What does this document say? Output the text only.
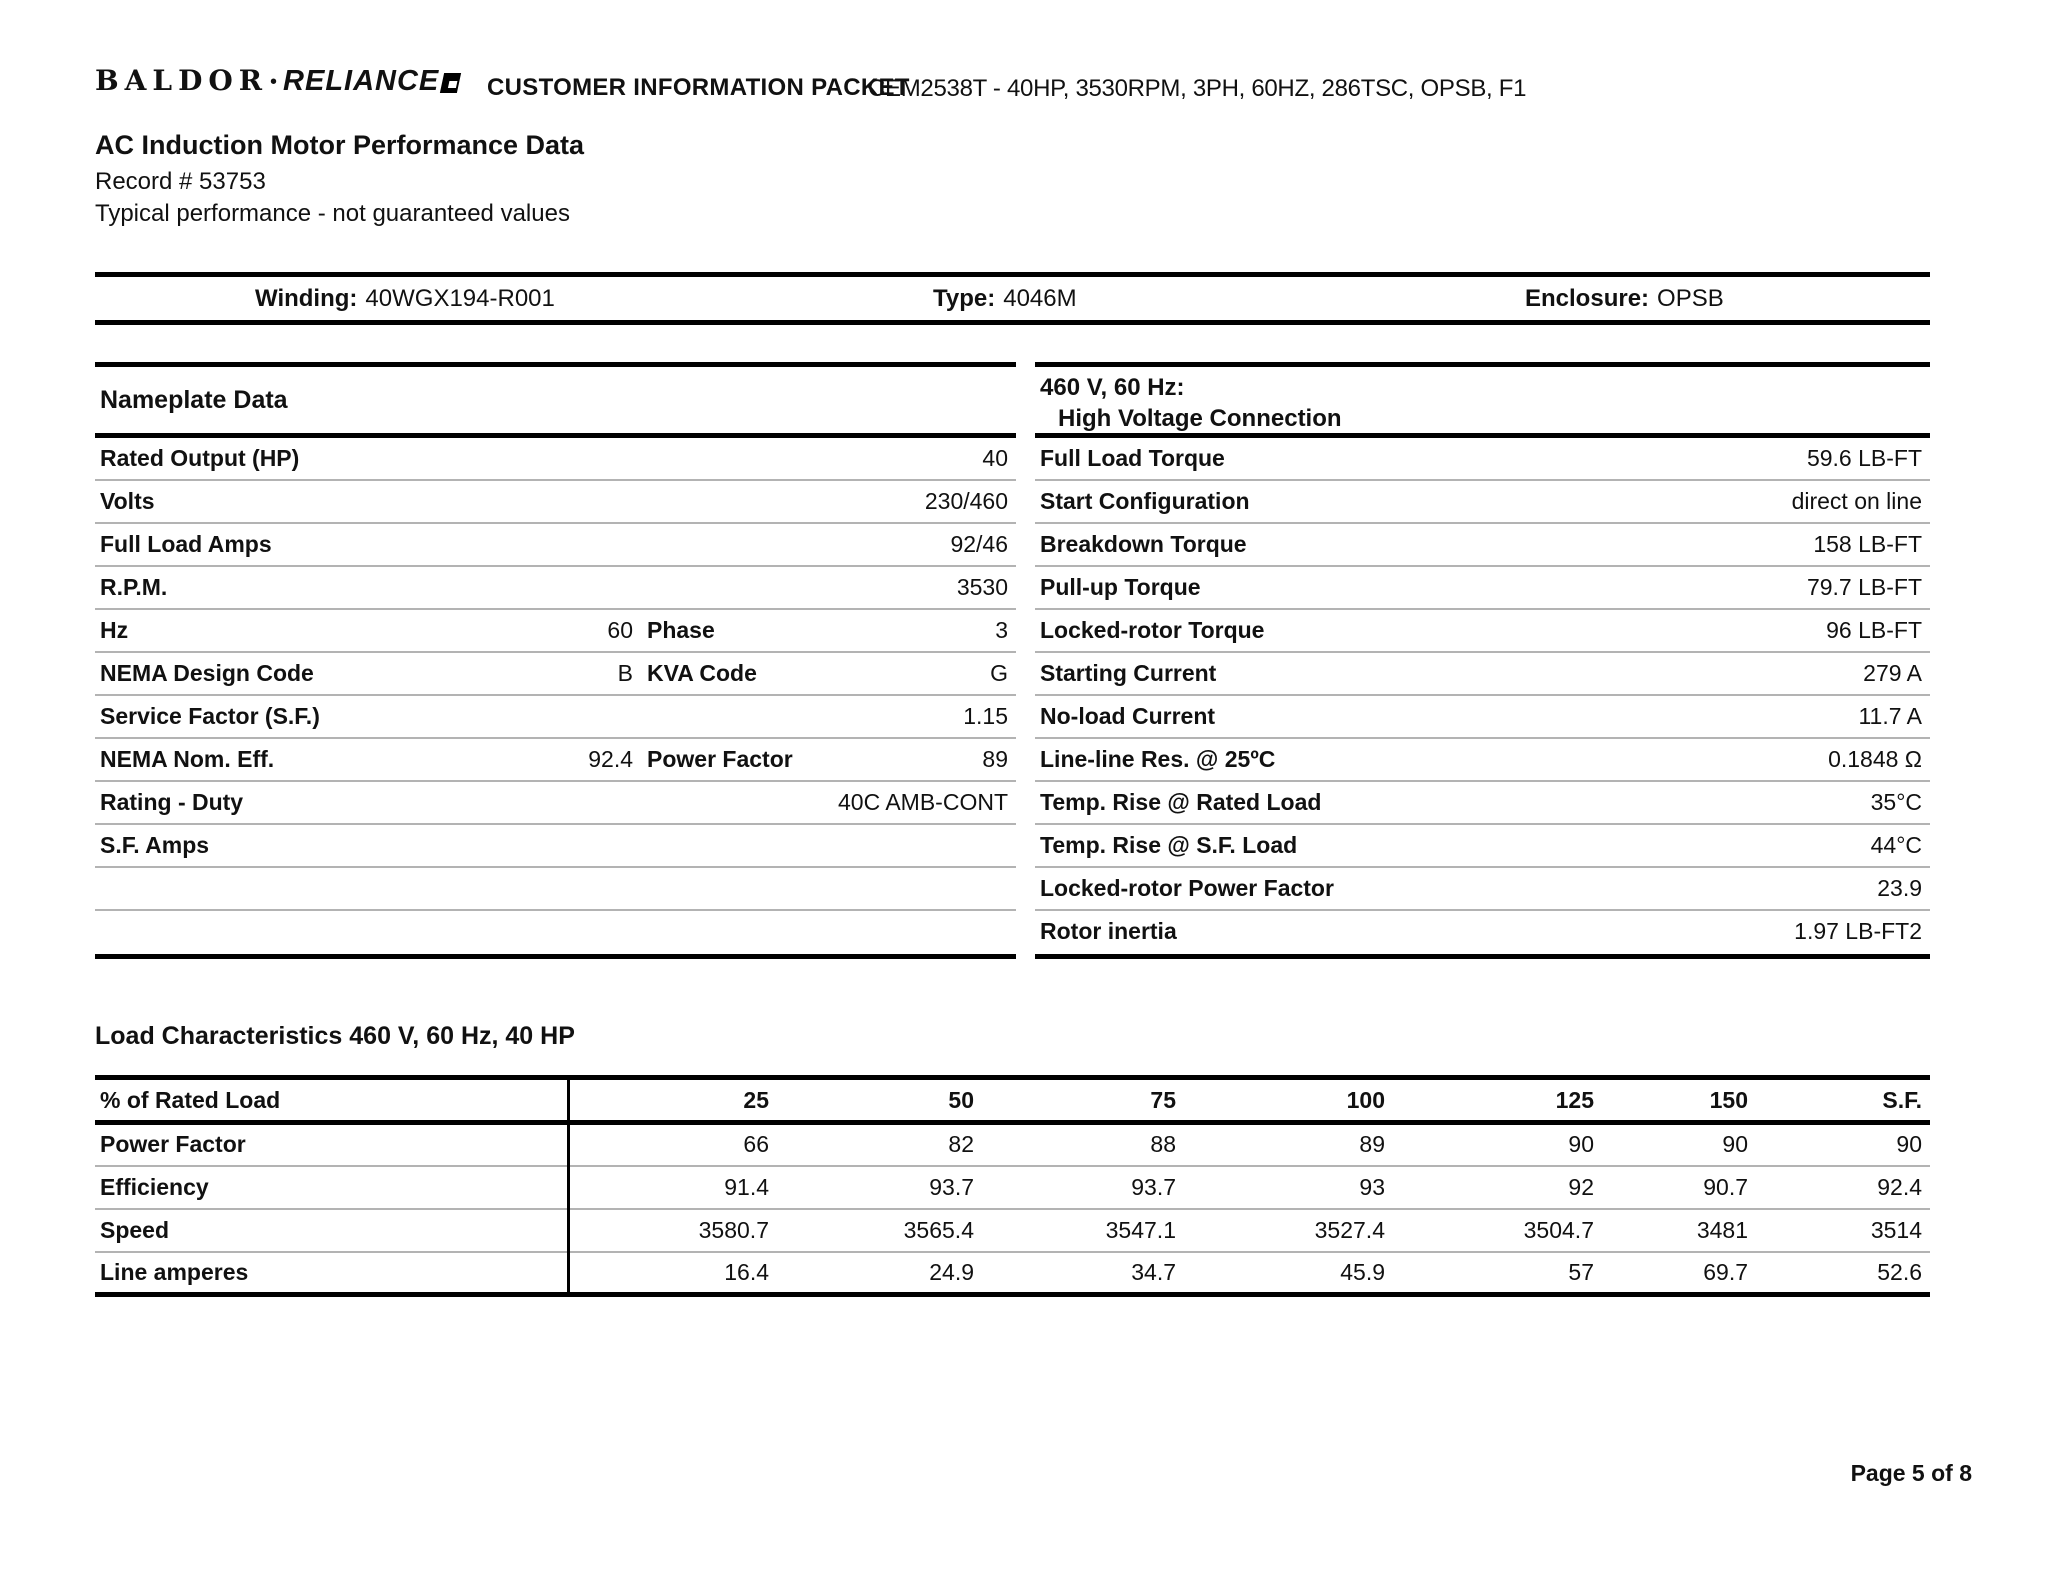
BALDOR • RELIANCE CUSTOMER INFORMATION PACKET
CEM2538T - 40HP, 3530RPM, 3PH, 60HZ, 286TSC, OPSB, F1
AC Induction Motor Performance Data
Record # 53753
Typical performance - not guaranteed values
Winding: 40WGX194-R001	Type: 4046M	Enclosure: OPSB
Nameplate Data
Rated Output (HP)	40
Volts	230/460
Full Load Amps	92/46
R.P.M.	3530
Hz	60 Phase	3
NEMA Design Code	B KVA Code	G
Service Factor (S.F.)	1.15
NEMA Nom. Eff.	92.4 Power Factor	89
Rating - Duty	40C AMB-CONT
S.F. Amps
460 V, 60 Hz:
High Voltage Connection
Full Load Torque	59.6 LB-FT
Start Configuration	direct on line
Breakdown Torque	158 LB-FT
Pull-up Torque	79.7 LB-FT
Locked-rotor Torque	96 LB-FT
Starting Current	279 A
No-load Current	11.7 A
Line-line Res. @ 25ºC	0.1848 Ω
Temp. Rise @ Rated Load	35°C
Temp. Rise @ S.F. Load	44°C
Locked-rotor Power Factor	23.9
Rotor inertia	1.97 LB-FT2
Load Characteristics 460 V, 60 Hz, 40 HP
% of Rated Load	25	50	75	100	125	150	S.F.
Power Factor	66	82	88	89	90	90	90
Efficiency	91.4	93.7	93.7	93	92	90.7	92.4
Speed	3580.7	3565.4	3547.1	3527.4	3504.7	3481	3514
Line amperes	16.4	24.9	34.7	45.9	57	69.7	52.6
Page 5 of 8
